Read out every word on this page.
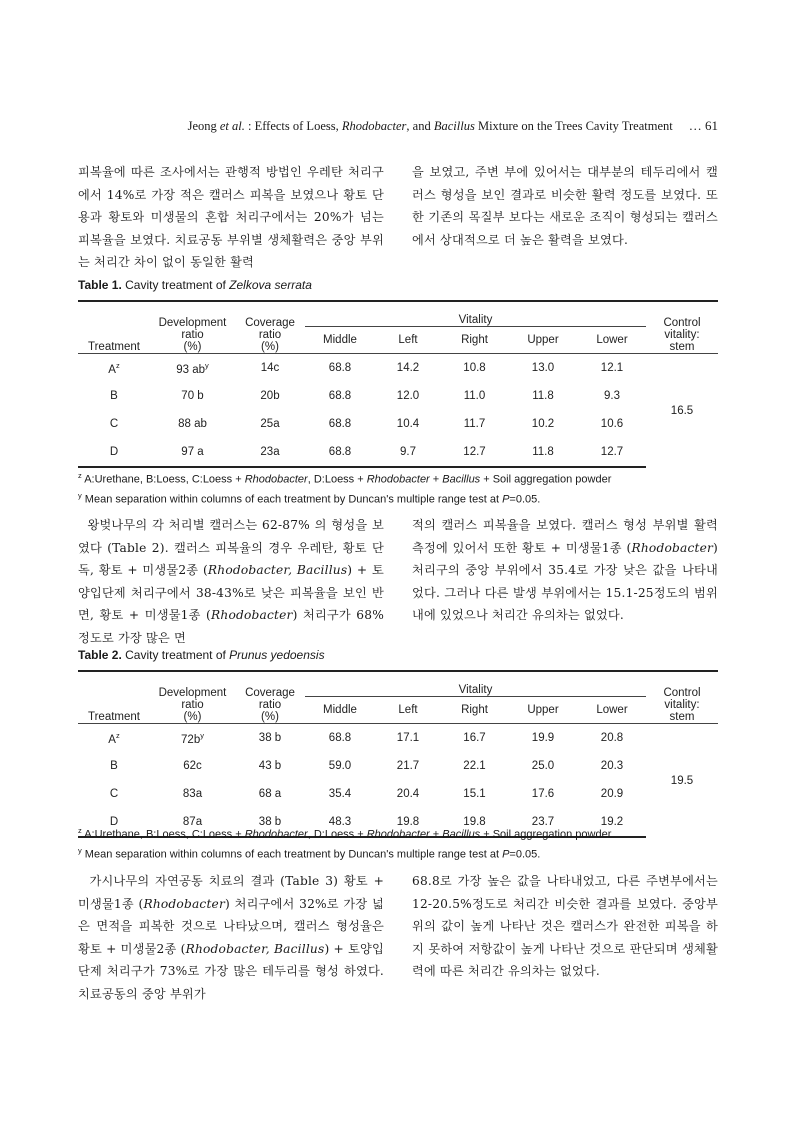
Jeong et al. : Effects of Loess, Rhodobacter, and Bacillus Mixture on the Trees Cavity Treatment … 61
피복율에 따른 조사에서는 관행적 방법인 우레탄 처리구에서 14%로 가장 적은 캘러스 피복을 보였으나 황토 단용과 황토와 미생물의 혼합 처리구에서는 20%가 넘는 피복율을 보였다. 치료공동 부위별 생체활력은 중앙 부위는 처리간 차이 없이 동일한 활력
을 보였고, 주변 부에 있어서는 대부분의 테두리에서 캘러스 형성을 보인 결과로 비슷한 활력 정도를 보였다. 또한 기존의 목질부 보다는 새로운 조직이 형성되는 캘러스에서 상대적으로 더 높은 활력을 보였다.
Table 1. Cavity treatment of Zelkova serrata
Treatment	Development
ratio
(%)	Coverage
ratio
(%)	Vitality					Control
vitality:
stem
			Middle	Left	Right	Upper	Lower	
$A^z$	93 $ab^y$	14c	68.8	14.2	10.8	13.0	12.1	16.5
B	70 b	20b	68.8	12.0	11.0	11.8	9.3	
C	88 ab	25a	68.8	10.4	11.7	10.2	10.6	
D	97 a	23a	68.8	9.7	12.7	11.8	12.7	
$^z$ A:Urethane, B:Loess, C:Loess + Rhodobacter, D:Loess + Rhodobacter + Bacillus + Soil aggregation powder
$^y$ Mean separation within columns of each treatment by Duncan's multiple range test at P=0.05.
왕벚나무의 각 처리별 캘러스는 62-87% 의 형성을 보였다 (Table 2). 캘러스 피복율의 경우 우레탄, 황토 단독, 황토 + 미생물2종 (Rhodobacter, Bacillus) + 토양입단제 처리구에서 38-43%로 낮은 피복율을 보인 반면, 황토 + 미생물1종 (Rhodobacter) 처리구가 68% 정도로 가장 많은 면
적의 캘러스 피복율을 보였다. 캘러스 형성 부위별 활력측정에 있어서 또한 황토 + 미생물1종 (Rhodobacter) 처리구의 중앙 부위에서 35.4로 가장 낮은 값을 나타내었다. 그러나 다른 발생 부위에서는 15.1-25정도의 범위 내에 있었으나 처리간 유의차는 없었다.
Table 2. Cavity treatment of Prunus yedoensis
Treatment	Development
ratio
(%)	Coverage
ratio
(%)	Vitality					Control
vitality:
stem
			Middle	Left	Right	Upper	Lower	
$A^z$	$72b^y$	38 b	68.8	17.1	16.7	19.9	20.8	19.5
B	62c	43 b	59.0	21.7	22.1	25.0	20.3	
C	83a	68 a	35.4	20.4	15.1	17.6	20.9	
D	87a	38 b	48.3	19.8	19.8	23.7	19.2	
$^z$ A:Urethane, B:Loess, C:Loess + Rhodobacter, D:Loess + Rhodobacter + Bacillus + Soil aggregation powder
$^y$ Mean separation within columns of each treatment by Duncan's multiple range test at P=0.05.
가시나무의 자연공동 치료의 결과 (Table 3) 황토 + 미생물1종 (Rhodobacter) 처리구에서 32%로 가장 넓은 면적을 피복한 것으로 나타났으며, 캘러스 형성율은 황토 + 미생물2종 (Rhodobacter, Bacillus) + 토양입단제 처리구가 73%로 가장 많은 테두리를 형성 하였다. 치료공동의 중앙 부위가
68.8로 가장 높은 값을 나타내었고, 다른 주변부에서는 12-20.5%정도로 처리간 비슷한 결과를 보였다. 중앙부위의 값이 높게 나타난 것은 캘러스가 완전한 피복을 하지 못하여 저항값이 높게 나타난 것으로 판단되며 생체활력에 따른 처리간 유의차는 없었다.
